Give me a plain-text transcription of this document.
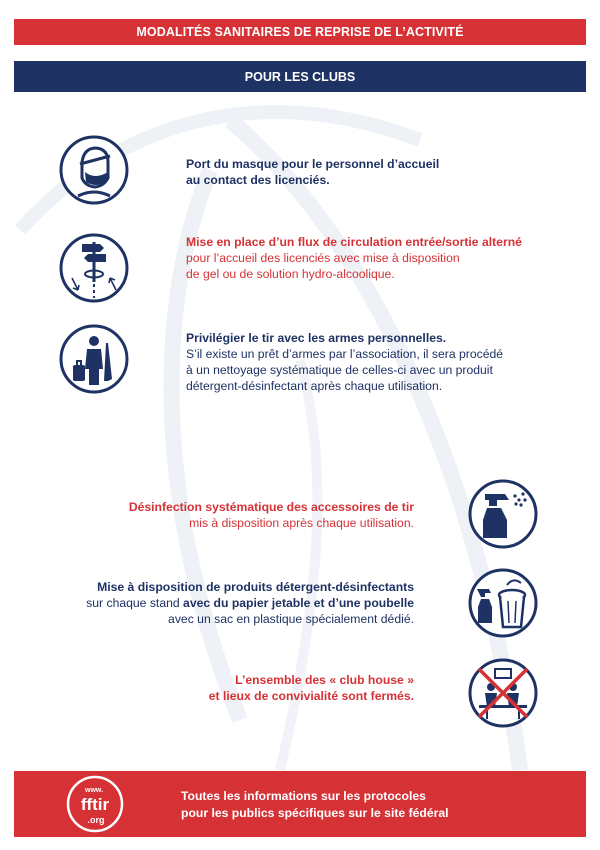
MODALITÉS SANITAIRES DE REPRISE DE L’ACTIVITÉ
POUR LES CLUBS
Port du masque pour le personnel d’accueil
au contact des licenciés.
Mise en place d’un flux de circulation entrée/sortie alterné
pour l’accueil des licenciés avec mise à disposition
de gel ou de solution hydro-alcoolique.
Privilégier le tir avec les armes personnelles.
S’il existe un prêt d’armes par l’association, il sera procédé
à un nettoyage systématique de celles-ci avec un produit
détergent-désinfectant après chaque utilisation.
Désinfection systématique des accessoires de tir
mis à disposition après chaque utilisation.
Mise à disposition de produits détergent-désinfectants
sur chaque stand avec du papier jetable et d’une poubelle
avec un sac en plastique spécialement dédié.
L’ensemble des « club house »
et lieux de convivialité sont fermés.
www.
fftir
.org
Toutes les informations sur les protocoles
pour les publics spécifiques sur le site fédéral
